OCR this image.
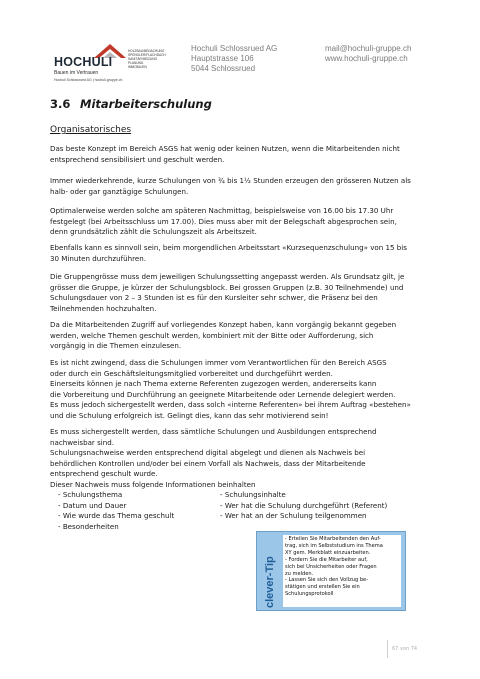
HOCHULI
Bauen im Vertrauen
Hochuli Schlossrued AG | hochuli-gruppe.ch
HOLZBAU/BEDACHUNG
SPENGLER/FLACHDACH
SANITÄR/HEIZUNG
PLANUNG
IMMOBILIEN
Hochuli Schlossrued AG
Hauptstrasse 106
5044 Schlossrued
mail@hochuli-gruppe.ch
www.hochuli-gruppe.ch
3.6 Mitarbeiterschulung
Organisatorisches
Das beste Konzept im Bereich ASGS hat wenig oder keinen Nutzen, wenn die Mitarbeitenden nicht
entsprechend sensibilisiert und geschult werden.
Immer wiederkehrende, kurze Schulungen von ¾ bis 1½ Stunden erzeugen den grösseren Nutzen als
halb- oder gar ganztägige Schulungen.
Optimalerweise werden solche am späteren Nachmittag, beispielsweise von 16.00 bis 17.30 Uhr
festgelegt (bei Arbeitsschluss um 17.00). Dies muss aber mit der Belegschaft abgesprochen sein,
denn grundsätzlich zählt die Schulungszeit als Arbeitszeit.
Ebenfalls kann es sinnvoll sein, beim morgendlichen Arbeitsstart «Kurzsequenzschulung» von 15 bis
30 Minuten durchzuführen.
Die Gruppengrösse muss dem jeweiligen Schulungssetting angepasst werden. Als Grundsatz gilt, je
grösser die Gruppe, je kürzer der Schulungsblock. Bei grossen Gruppen (z.B. 30 Teilnehmende) und
Schulungsdauer von 2 – 3 Stunden ist es für den Kursleiter sehr schwer, die Präsenz bei den
Teilnehmenden hochzuhalten.
Da die Mitarbeitenden Zugriff auf vorliegendes Konzept haben, kann vorgängig bekannt gegeben
werden, welche Themen geschult werden, kombiniert mit der Bitte oder Aufforderung, sich
vorgängig in die Themen einzulesen.
Es ist nicht zwingend, dass die Schulungen immer vom Verantwortlichen für den Bereich ASGS
oder durch ein Geschäftsleitungsmitglied vorbereitet und durchgeführt werden.
Einerseits können je nach Thema externe Referenten zugezogen werden, andererseits kann
die Vorbereitung und Durchführung an geeignete Mitarbeitende oder Lernende delegiert werden.
Es muss jedoch sichergestellt werden, dass solch «interne Referenten» bei ihrem Auftrag «bestehen»
und die Schulung erfolgreich ist. Gelingt dies, kann das sehr motivierend sein!
Es muss sichergestellt werden, dass sämtliche Schulungen und Ausbildungen entsprechend
nachweisbar sind.
Schulungsnachweise werden entsprechend digital abgelegt und dienen als Nachweis bei
behördlichen Kontrollen und/oder bei einem Vorfall als Nachweis, dass der Mitarbeitende
entsprechend geschult wurde.
Dieser Nachweis muss folgende Informationen beinhalten
- Schulungsthema
- Datum und Dauer
- Wie wurde das Thema geschult
- Besonderheiten
- Schulungsinhalte
- Wer hat die Schulung durchgeführt (Referent)
- Wer hat an der Schulung teilgenommen
clever-Tip
- Erteilen Sie Mitarbeitenden den Auf-
trag, sich im Selbststudium ins Thema
XY gem. Merkblatt einzuarbeiten.
- Fordern Sie die Mitarbeiter auf,
sich bei Unsicherheiten oder Fragen
zu melden.
- Lassen Sie sich den Vollzug be-
stätigen und erstellen Sie ein
Schulungsprotokoll
67 von 74
